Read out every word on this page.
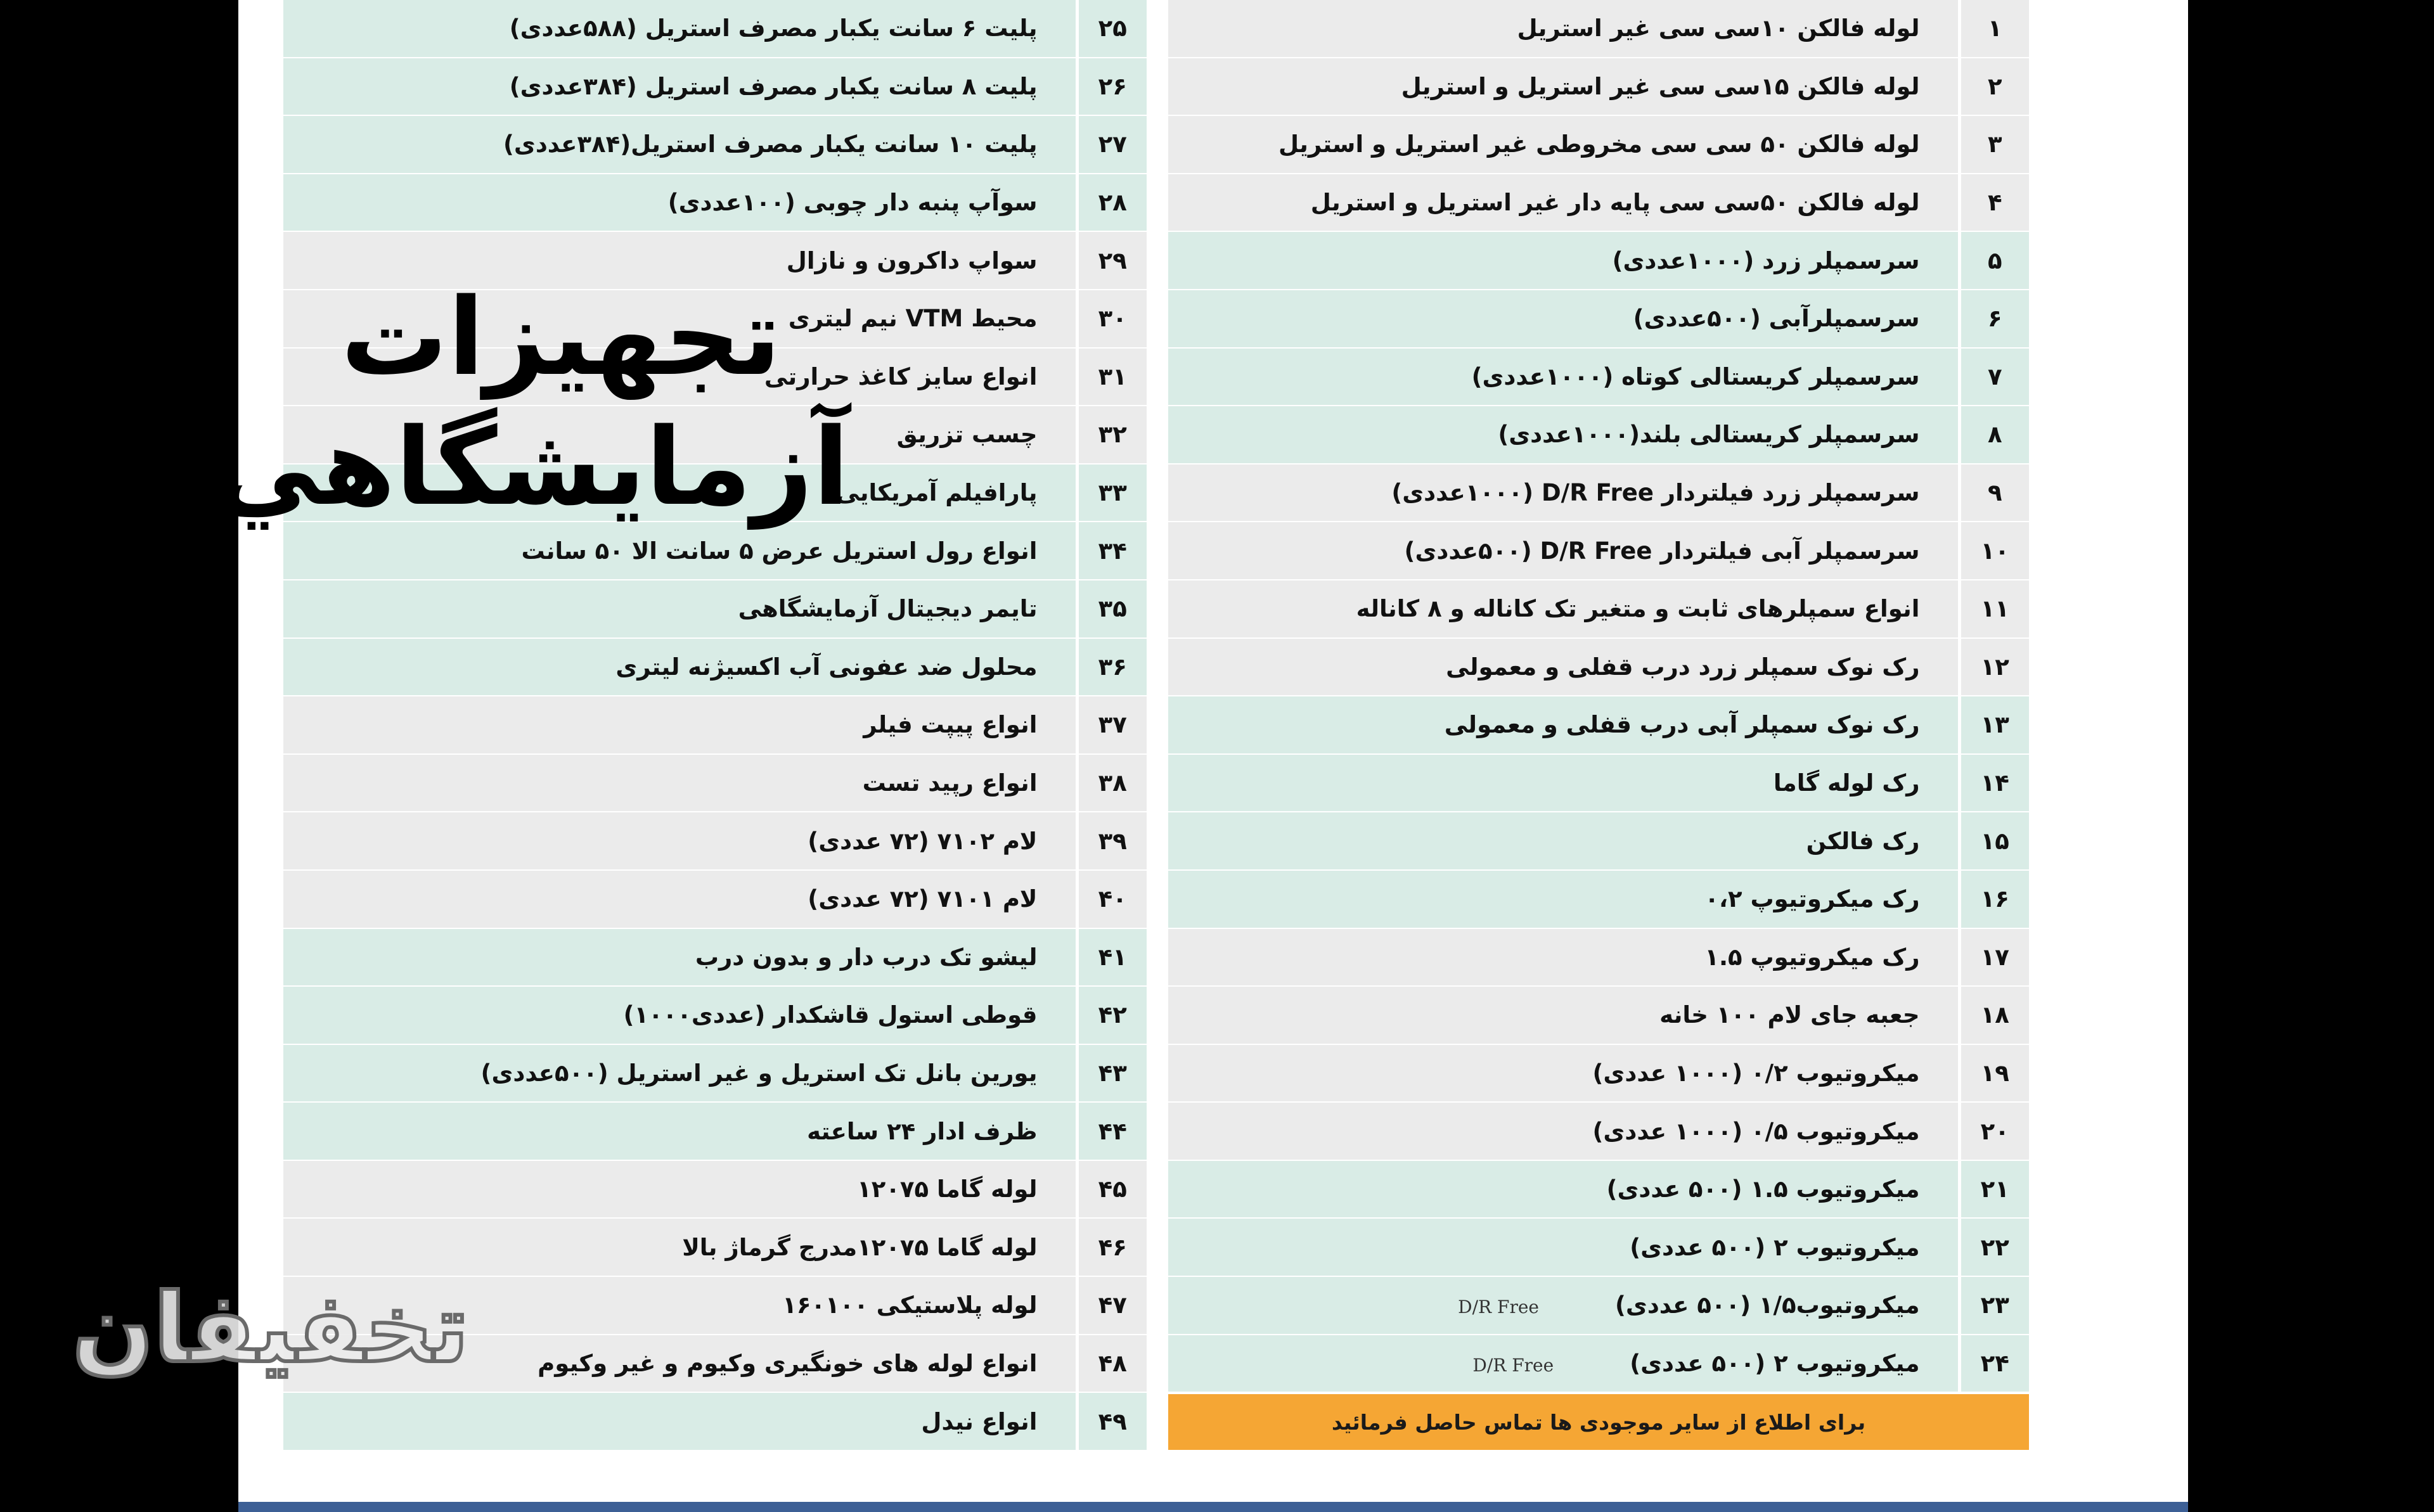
۱	لوله فالکن ۱۰سی سی غیر استریل
۲	لوله فالکن ۱۵سی سی غیر استریل و استریل
۳	لوله فالکن ۵۰ سی سی مخروطی غیر استریل و استریل
۴	لوله فالکن ۵۰سی سی پایه دار غیر استریل و استریل
۵	سرسمپلر زرد (۱۰۰۰عددی)
۶	سرسمپلرآبی (۵۰۰عددی)
۷	سرسمپلر کریستالی کوتاه (۱۰۰۰عددی)
۸	سرسمپلر کریستالی بلند(۱۰۰۰عددی)
۹	سرسمپلر زرد فیلتردار D/R Free (۱۰۰۰عددی)
۱۰	سرسمپلر آبی فیلتردار D/R Free (۵۰۰عددی)
۱۱	انواع سمپلرهای ثابت و متغیر تک کاناله و ۸ کاناله
۱۲	رک نوک سمپلر زرد درب قفلی و معمولی
۱۳	رک نوک سمپلر آبی درب قفلی و معمولی
۱۴	رک لوله گاما
۱۵	رک فالکن
۱۶	رک میکروتیوپ ۰،۲
۱۷	رک میکروتیوپ ۱.۵
۱۸	جعبه جای لام ۱۰۰ خانه
۱۹	میکروتیوب ۰/۲ (۱۰۰۰ عددی)
۲۰	میکروتیوب ۰/۵ (۱۰۰۰ عددی)
۲۱	میکروتیوب ۱.۵ (۵۰۰ عددی)
۲۲	میکروتیوب ۲ (۵۰۰ عددی)
۲۳	میکروتیوب۱/۵ (۵۰۰ عددی)D/R Free
۲۴	میکروتیوب ۲ (۵۰۰ عددی)D/R Free
برای اطلاع از سایر موجودی ها تماس حاصل فرمائید
۲۵	پلیت ۶ سانت یکبار مصرف استریل (۵۸۸عددی)
۲۶	پلیت ۸ سانت یکبار مصرف استریل (۳۸۴عددی)
۲۷	پلیت ۱۰ سانت یکبار مصرف استریل(۳۸۴عددی)
۲۸	سوآپ پنبه دار چوبی (۱۰۰عددی)
۲۹	سواپ داکرون و نازال
۳۰	محیط VTM نیم لیتری
۳۱	انواع سایز کاغذ حرارتی
۳۲	چسب تزریق
۳۳	پارافیلم آمریکایی
۳۴	انواع رول استریل عرض ۵ سانت الا ۵۰ سانت
۳۵	تایمر دیجیتال آزمایشگاهی
۳۶	محلول ضد عفونی آب اکسیژنه لیتری
۳۷	انواع پیپت فیلر
۳۸	انواع رپید تست
۳۹	لام ۷۱۰۲ (۷۲ عددی)
۴۰	لام ۷۱۰۱ (۷۲ عددی)
۴۱	لیشو تک درب دار و بدون درب
۴۲	قوطی استول قاشکدار (عددی۱۰۰۰)
۴۳	یورین بانل تک استریل و غیر استریل (۵۰۰عددی)
۴۴	ظرف ادار ۲۴ ساعته
۴۵	لوله گاما ۱۲۰۷۵
۴۶	لوله گاما ۱۲۰۷۵مدرج گرماژ بالا
۴۷	لوله پلاستیکی ۱۶۰۱۰۰
۴۸	انواع لوله های خونگیری وکیوم و غیر وکیوم
۴۹	انواع نیدل
تجهیزات
آزمایشگاهي
تخفیفان
